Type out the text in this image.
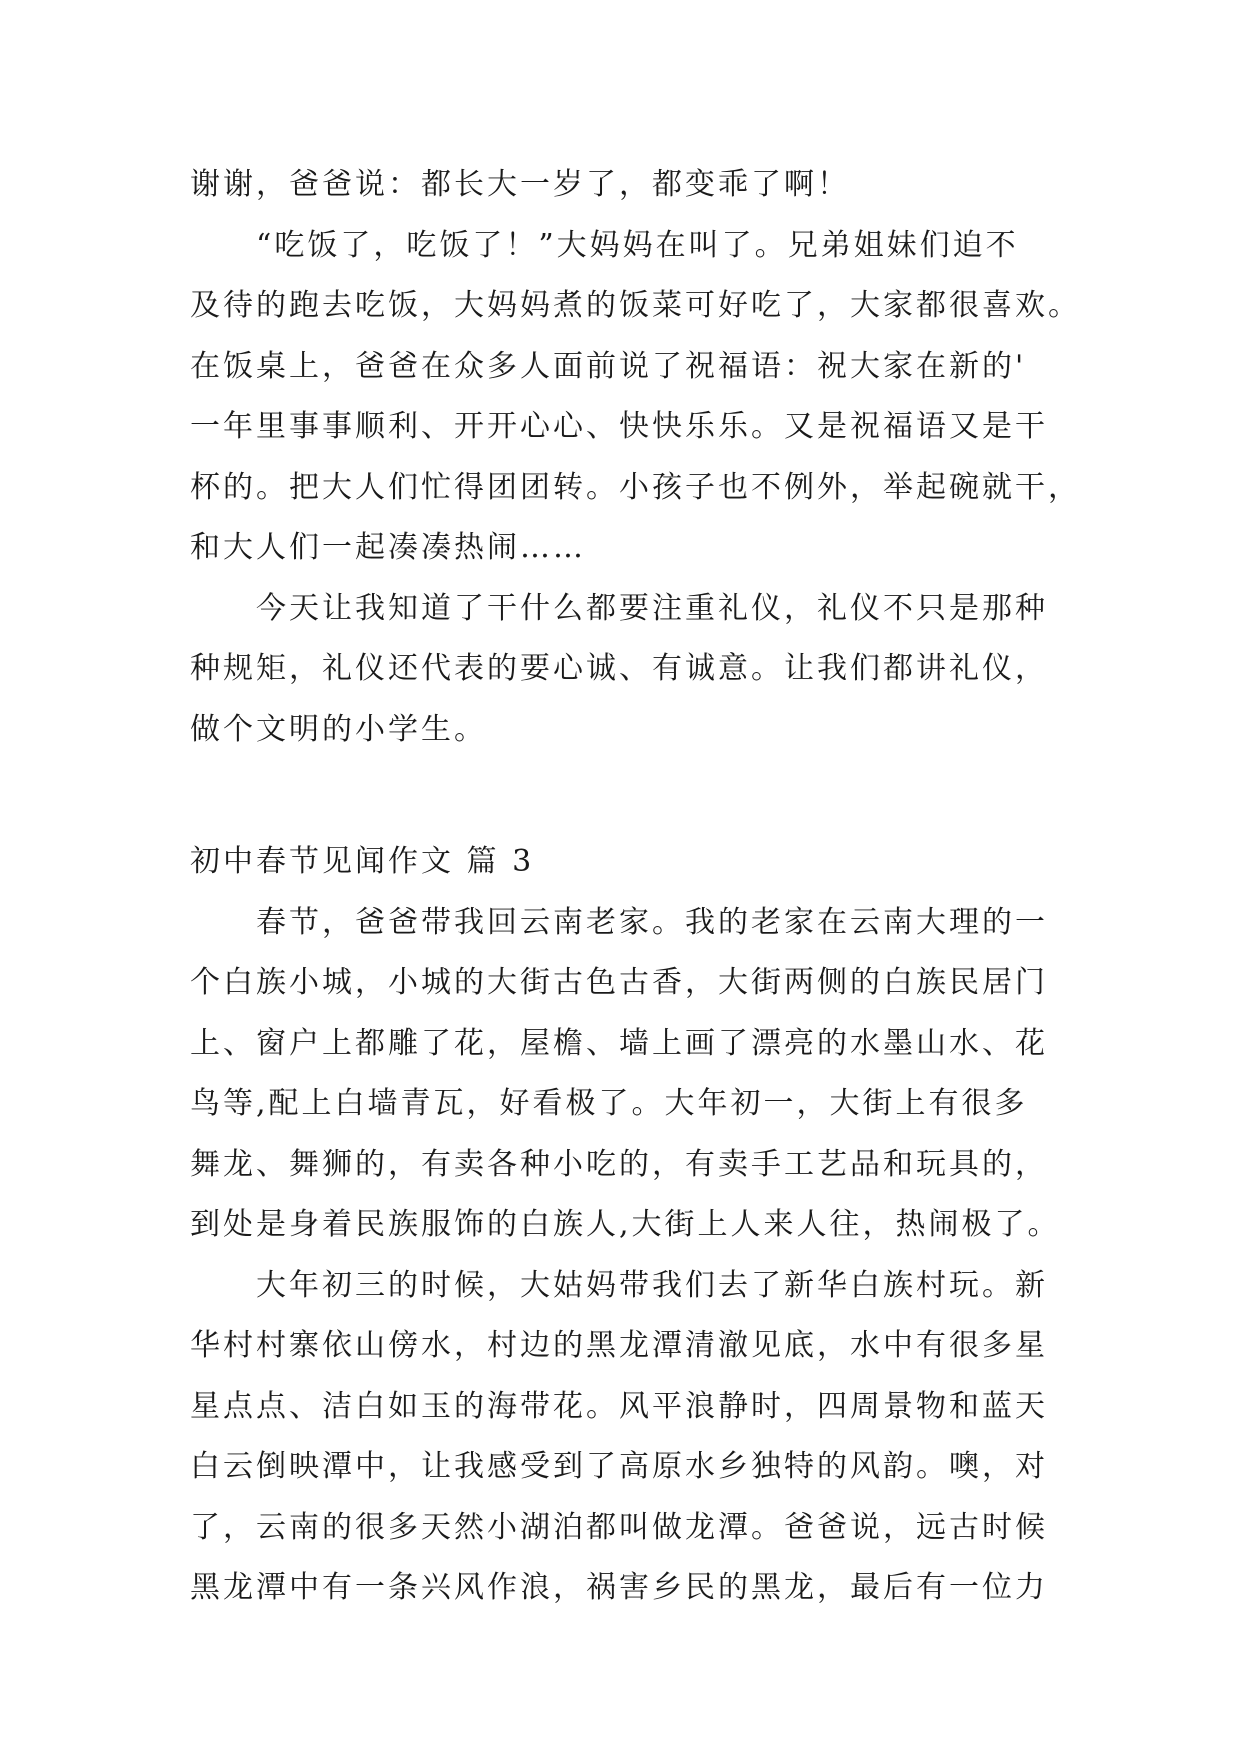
谢谢，爸爸说：都长大一岁了，都变乖了啊！
“吃饭了，吃饭了！”大妈妈在叫了。兄弟姐妹们迫不
及待的跑去吃饭，大妈妈煮的饭菜可好吃了，大家都很喜欢。
在饭桌上，爸爸在众多人面前说了祝福语：祝大家在新的'
一年里事事顺利、开开心心、快快乐乐。又是祝福语又是干
杯的。把大人们忙得团团转。小孩子也不例外，举起碗就干，
和大人们一起凑凑热闹……
今天让我知道了干什么都要注重礼仪，礼仪不只是那种
种规矩，礼仪还代表的要心诚、有诚意。让我们都讲礼仪，
做个文明的小学生。
初中春节见闻作文 篇 3
春节，爸爸带我回云南老家。我的老家在云南大理的一
个白族小城，小城的大街古色古香，大街两侧的白族民居门
上、窗户上都雕了花，屋檐、墙上画了漂亮的水墨山水、花
鸟等,配上白墙青瓦，好看极了。大年初一，大街上有很多
舞龙、舞狮的，有卖各种小吃的，有卖手工艺品和玩具的，
到处是身着民族服饰的白族人,大街上人来人往，热闹极了。
大年初三的时候，大姑妈带我们去了新华白族村玩。新
华村村寨依山傍水，村边的黑龙潭清澈见底，水中有很多星
星点点、洁白如玉的海带花。风平浪静时，四周景物和蓝天
白云倒映潭中，让我感受到了高原水乡独特的风韵。噢，对
了，云南的很多天然小湖泊都叫做龙潭。爸爸说，远古时候
黑龙潭中有一条兴风作浪，祸害乡民的黑龙，最后有一位力
